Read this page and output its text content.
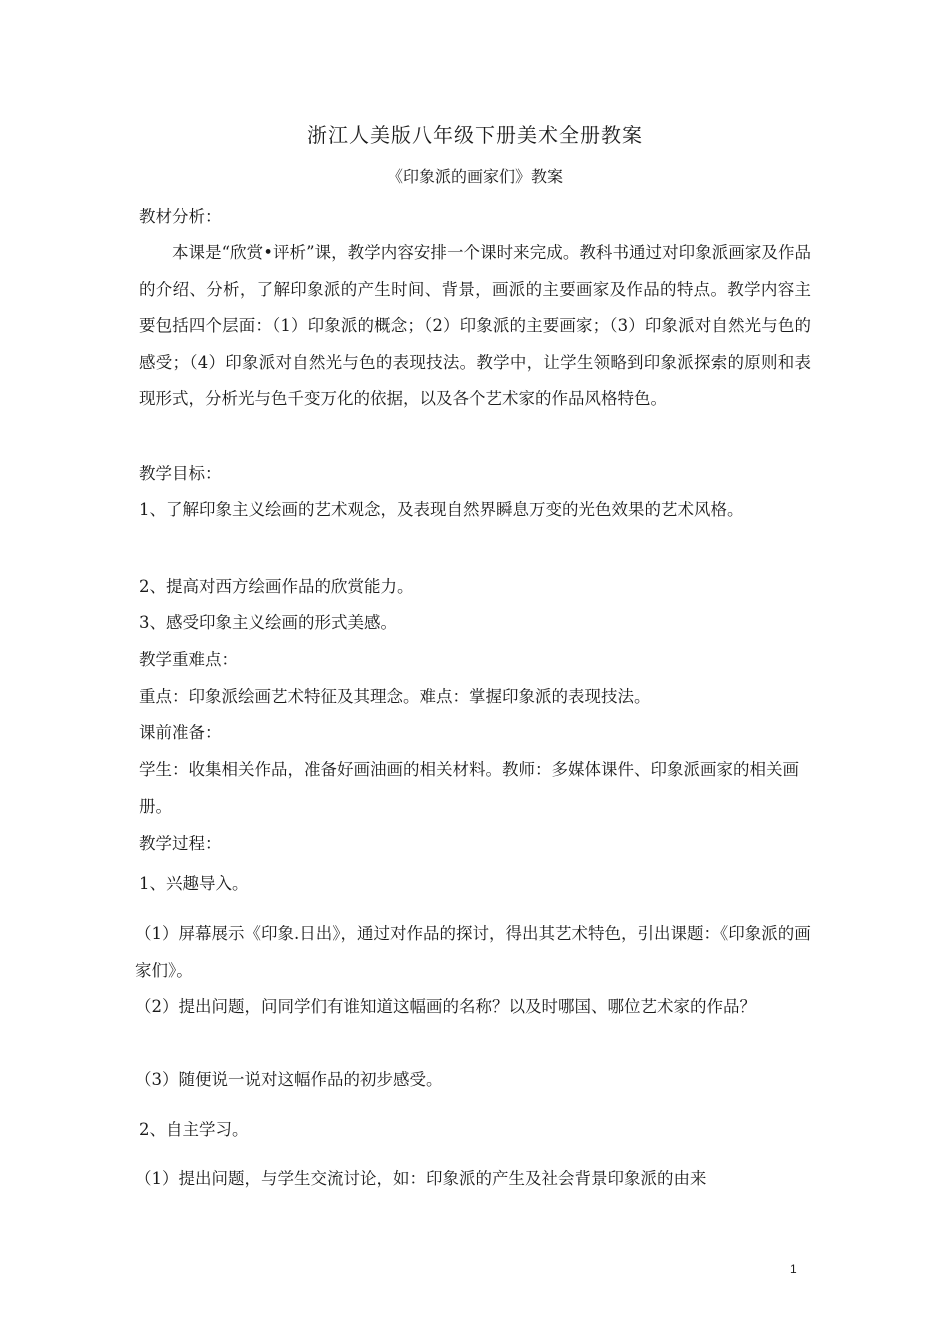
浙江人美版八年级下册美术全册教案
《印象派的画家们》教案

教材分析：

本课是“欣赏•评析”课，教学内容安排一个课时来完成。教科书通过对印象派画家及作品的介绍、分析，了解印象派的产生时间、背景，画派的主要画家及作品的特点。教学内容主要包括四个层面：（1）印象派的概念；（2）印象派的主要画家；（3）印象派对自然光与色的感受；（4）印象派对自然光与色的表现技法。教学中，让学生领略到印象派探索的原则和表现形式，分析光与色千变万化的依据，以及各个艺术家的作品风格特色。

教学目标：

1、了解印象主义绘画的艺术观念，及表现自然界瞬息万变的光色效果的艺术风格。

2、提高对西方绘画作品的欣赏能力。

3、感受印象主义绘画的形式美感。

教学重难点：

重点：印象派绘画艺术特征及其理念。难点：掌握印象派的表现技法。

课前准备：

学生：收集相关作品，准备好画油画的相关材料。教师：多媒体课件、印象派画家的相关画册。

教学过程：

1、兴趣导入。

（1）屏幕展示《印象.日出》，通过对作品的探讨，得出其艺术特色，引出课题：《印象派的画家们》。

（2）提出问题，问同学们有谁知道这幅画的名称？以及时哪国、哪位艺术家的作品？

（3）随便说一说对这幅作品的初步感受。

2、自主学习。

（1）提出问题，与学生交流讨论，如：印象派的产生及社会背景印象派的由来

1
